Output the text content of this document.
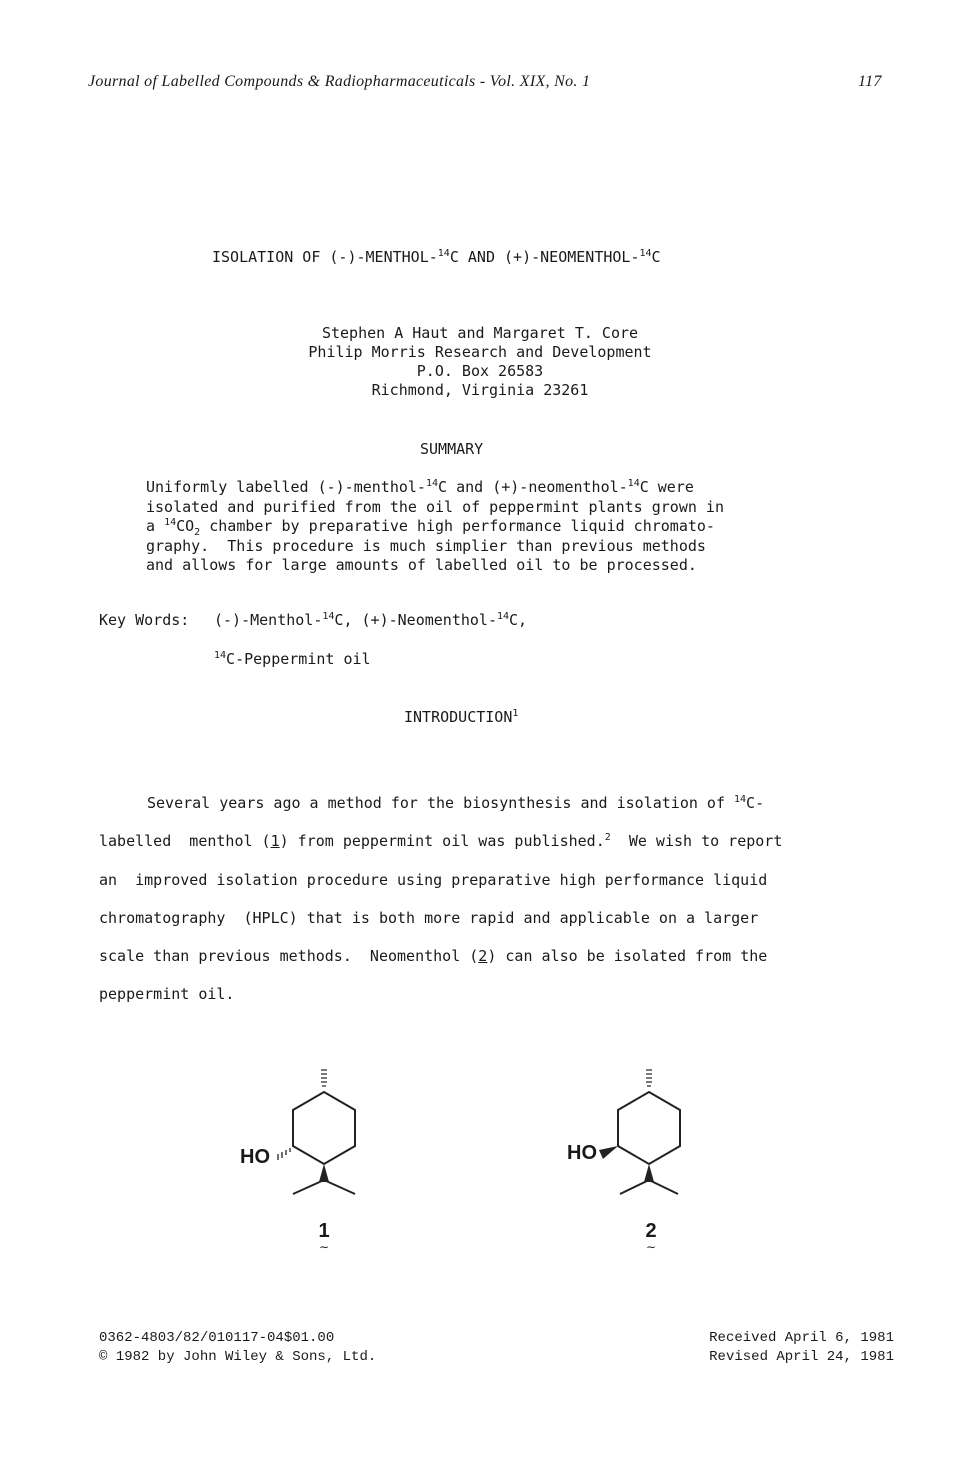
Journal of Labelled Compounds & Radiopharmaceuticals - Vol. XIX, No. 1	117
ISOLATION OF (-)-MENTHOL-$^{14}$C AND (+)-NEOMENTHOL-$^{14}$C
Stephen A Haut and Margaret T. Core
Philip Morris Research and Development
P.O. Box 26583
Richmond, Virginia 23261
SUMMARY
Uniformly labelled (-)-menthol-$^{14}$C and (+)-neomenthol-$^{14}$C were
isolated and purified from the oil of peppermint plants grown in
a $^{14}CO_2$ chamber by preparative high performance liquid chromato-
graphy.  This procedure is much simplier than previous methods
and allows for large amounts of labelled oil to be processed.
Key Words: (-)-Menthol-$^{14}$C, (+)-Neomenthol-$^{14}$C,
$^{14}$C-Peppermint oil
INTRODUCTION$^1$
Several years ago a method for the biosynthesis and isolation of $^{14}$C-
labelled  menthol (1) from peppermint oil was published.$^2$  We wish to report
an  improved isolation procedure using preparative high performance liquid
chromatography  (HPLC) that is both more rapid and applicable on a larger
scale than previous methods.  Neomenthol (2) can also be isolated from the
peppermint oil.
HO
1
∼
HO
2
∼
0362-4803/82/010117-04$01.00
© 1982 by John Wiley & Sons, Ltd.
Received April 6, 1981
Revised April 24, 1981
